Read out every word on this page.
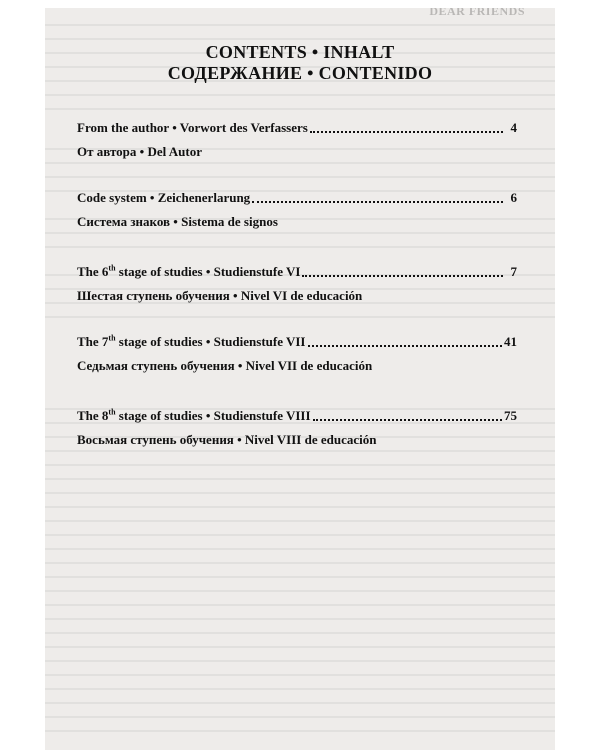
DEAR FRIENDS
CONTENTS • INHALT
СОДЕРЖАНИЕ • CONTENIDO
From the author • Vorwort des Verfassers	4
От автора • Del Autor
Code system • Zeichenerlarung	6
Система знаков • Sistema de signos
The 6th stage of studies • Studienstufe VI	7
Шестая ступень обучения • Nivel VI de educación
The 7th stage of studies • Studienstufe VII	41
Седьмая ступень обучения • Nivel VII de educación
The 8th stage of studies • Studienstufe VIII	75
Восьмая ступень обучения • Nivel VIII de educación
